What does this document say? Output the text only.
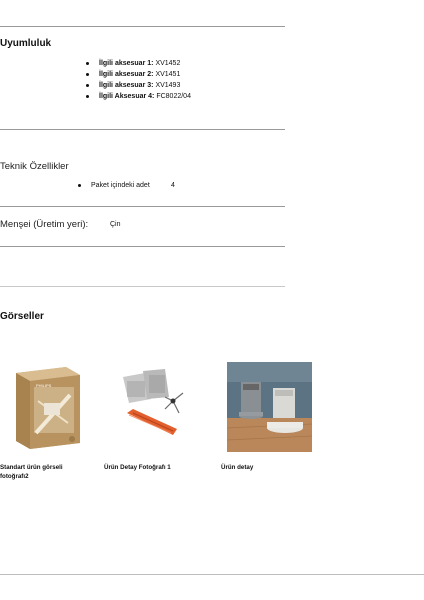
Uyumluluk
İlgili aksesuar 1: XV1452
İlgili aksesuar 2: XV1451
İlgili aksesuar 3: XV1493
İlgili Aksesuar 4: FC8022/04
Teknik Özellikler
Paket içindeki adet	4
Menşei (Üretim yeri):	Çin
Görseller
PHILIPS
Standart ürün görseli fotoğrafı2
Ürün Detay Fotoğrafı 1	Ürün detay
